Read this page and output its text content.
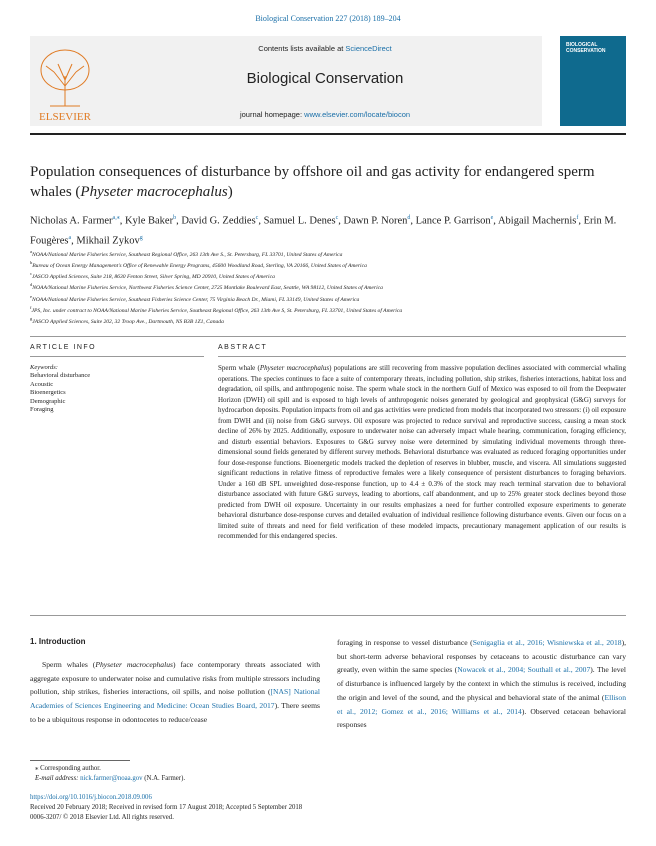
Biological Conservation 227 (2018) 189–204
ELSEVIER
BIOLOGICAL CONSERVATION
Contents lists available at ScienceDirect
Biological Conservation
journal homepage: www.elsevier.com/locate/biocon
Population consequences of disturbance by offshore oil and gas activity for endangered sperm whales (Physeter macrocephalus)
Nicholas A. Farmer$^{a,⁎}$, Kyle Baker$^b$, David G. Zeddies$^c$, Samuel L. Denes$^c$, Dawn P. Noren$^d$, Lance P. Garrison$^e$, Abigail Machernis$^f$, Erin M. Fougères$^a$, Mikhail Zykov$^g$
$^a$NOAA/National Marine Fisheries Service, Southeast Regional Office, 263 13th Ave S., St. Petersburg, FL 33701, United States of America
$^b$Bureau of Ocean Energy Management's Office of Renewable Energy Programs, 45600 Woodland Road, Sterling, VA 20166, United States of America
$^c$JASCO Applied Sciences, Suite 218, 8630 Fenton Street, Silver Spring, MD 20910, United States of America
$^d$NOAA/National Marine Fisheries Service, Northwest Fisheries Science Center, 2725 Montlake Boulevard East, Seattle, WA 98112, United States of America
$^e$NOAA/National Marine Fisheries Service, Southeast Fisheries Science Center, 75 Virginia Beach Dr., Miami, FL 33149, United States of America
$^f$JPS, Inc. under contract to NOAA/National Marine Fisheries Service, Southeast Regional Office, 263 13th Ave S, St. Petersburg, FL 33701, United States of America
$^g$JASCO Applied Sciences, Suite 202, 32 Troop Ave., Dartmouth, NS B3B 1Z1, Canada
ARTICLE INFO	ABSTRACT
Keywords:
Behavioral disturbance
Acoustic
Bioenergetics
Demographic
Foraging
Sperm whale (Physeter macrocephalus) populations are still recovering from massive population declines associated with commercial whaling operations. The species continues to face a suite of contemporary threats, including pollution, ship strikes, fisheries interactions, habitat loss and degradation, oil spills, and anthropogenic noise. The sperm whale stock in the northern Gulf of Mexico was exposed to oil from the Deepwater Horizon (DWH) oil spill and is exposed to high levels of anthropogenic noises generated by geological and geophysical (G&G) surveys for hydrocarbon deposits. Population impacts from oil and gas activities were predicted from models that incorporated two stressors: (i) oil exposure from DWH and (ii) noise from G&G surveys. Oil exposure was projected to reduce survival and reproductive success, causing a mean stock decline of 26% by 2025. Additionally, exposure to underwater noise can adversely impact whale hearing, communication, foraging efficiency, and disturb essential behaviors. Exposures to G&G survey noise were determined by simulating individual movements through three-dimensional sound fields generated by different survey methods. Behavioral disturbance was evaluated as reduced foraging opportunities under four dose-response functions. Bioenergetic models tracked the depletion of reserves in blubber, muscle, and viscera. All simulations suggested significant reductions in relative fitness of reproductive females were a likely consequence of persistent disturbances to foraging behaviors. Under a 160 dB SPL unweighted dose-response function, up to 4.4 ± 0.3% of the stock may reach terminal starvation due to behavioral disturbance associated with future G&G surveys, leading to abortions, calf abandonment, and up to 25% greater stock declines beyond those predicted from DWH oil exposure. Uncertainty in our results emphasizes a need for further controlled exposure experiments to generate behavioral disturbance dose-response curves and detailed evaluation of individual resilience following disturbance events. Given our focus on a limited suite of threats and need for field verification of these modeled impacts, precautionary management application of our results is recommended for this endangered species.
1. Introduction
Sperm whales (Physeter macrocephalus) face contemporary threats associated with aggregate exposure to underwater noise and cumulative risks from multiple stressors including pollution, ship strikes, fisheries interactions, oil spills, and noise pollution ([NAS] National Academies of Sciences Engineering and Medicine: Ocean Studies Board, 2017). There seems to be a ubiquitous response in odontocetes to reduce/cease
foraging in response to vessel disturbance (Senigaglia et al., 2016; Wisniewska et al., 2018), but short-term adverse behavioral responses by cetaceans to acoustic disturbance can vary greatly, even within the same species (Nowacek et al., 2004; Southall et al., 2007). The level of disturbance is influenced largely by the context in which the stimulus is received, including the origin and level of the sound, and the physical and behavioral state of the animal (Ellison et al., 2012; Gomez et al., 2016; Williams et al., 2014). Observed cetacean behavioral responses
⁎ Corresponding author.
E-mail address: nick.farmer@noaa.gov (N.A. Farmer).
https://doi.org/10.1016/j.biocon.2018.09.006
Received 20 February 2018; Received in revised form 17 August 2018; Accepted 5 September 2018
0006-3207/ © 2018 Elsevier Ltd. All rights reserved.
